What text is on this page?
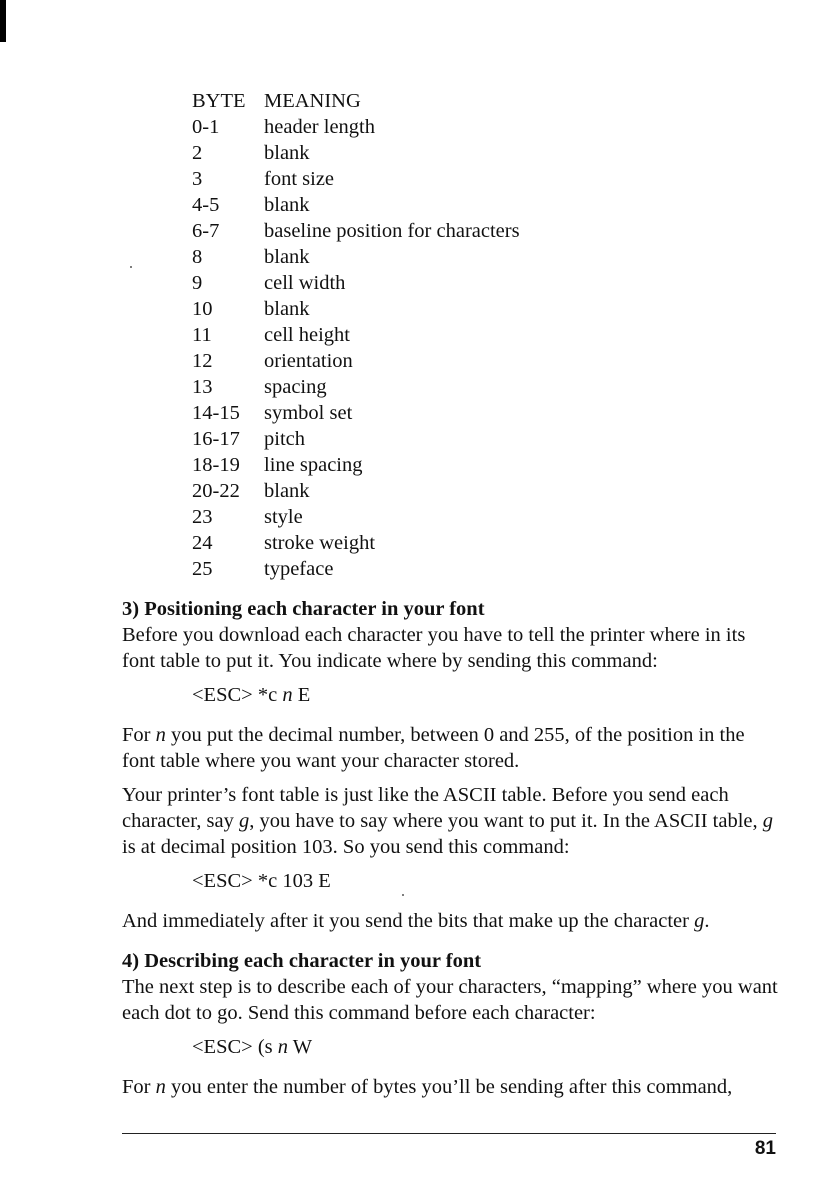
BYTE MEANING
0-1	header length
2	blank
3	font size
4-5	blank
6-7	baseline position for characters
8	blank
9	cell width
10	blank
11	cell height
12	orientation
13	spacing
14-15	symbol set
16-17	pitch
18-19	line spacing
20-22	blank
23	style
24	stroke weight
25	typeface

3) Positioning each character in your font

Before you download each character you have to tell the printer where in its font table to put it. You indicate where by sending this command:

<ESC> *c n E

For n you put the decimal number, between 0 and 255, of the position in the font table where you want your character stored.

Your printer’s font table is just like the ASCII table. Before you send each character, say g, you have to say where you want to put it. In the ASCII table, g is at decimal position 103. So you send this command:

<ESC> *c 103 E

And immediately after it you send the bits that make up the character g.

4) Describing each character in your font

The next step is to describe each of your characters, “mapping” where you want each dot to go. Send this command before each character:

<ESC> (s n W

For n you enter the number of bytes you’ll be sending after this command,

81
